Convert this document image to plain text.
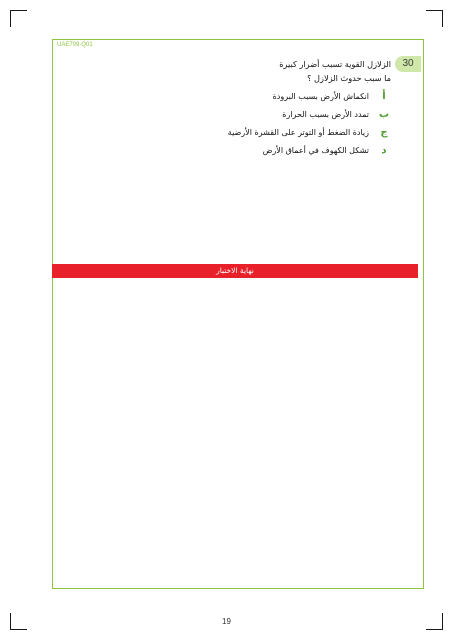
UAE709-Q01
30
الزلازل القوية تسبب أضرار كبيرة
ما سبب حدوث الزلازل ؟
أ
انكماش الأرض بسبب البرودة
ب
تمدد الأرض بسبب الحرارة
ج
زيادة الضغط أو التوتر على القشرة الأرضية
د
تشكل الكهوف في أعماق الأرض
نهاية الاختبار
19
